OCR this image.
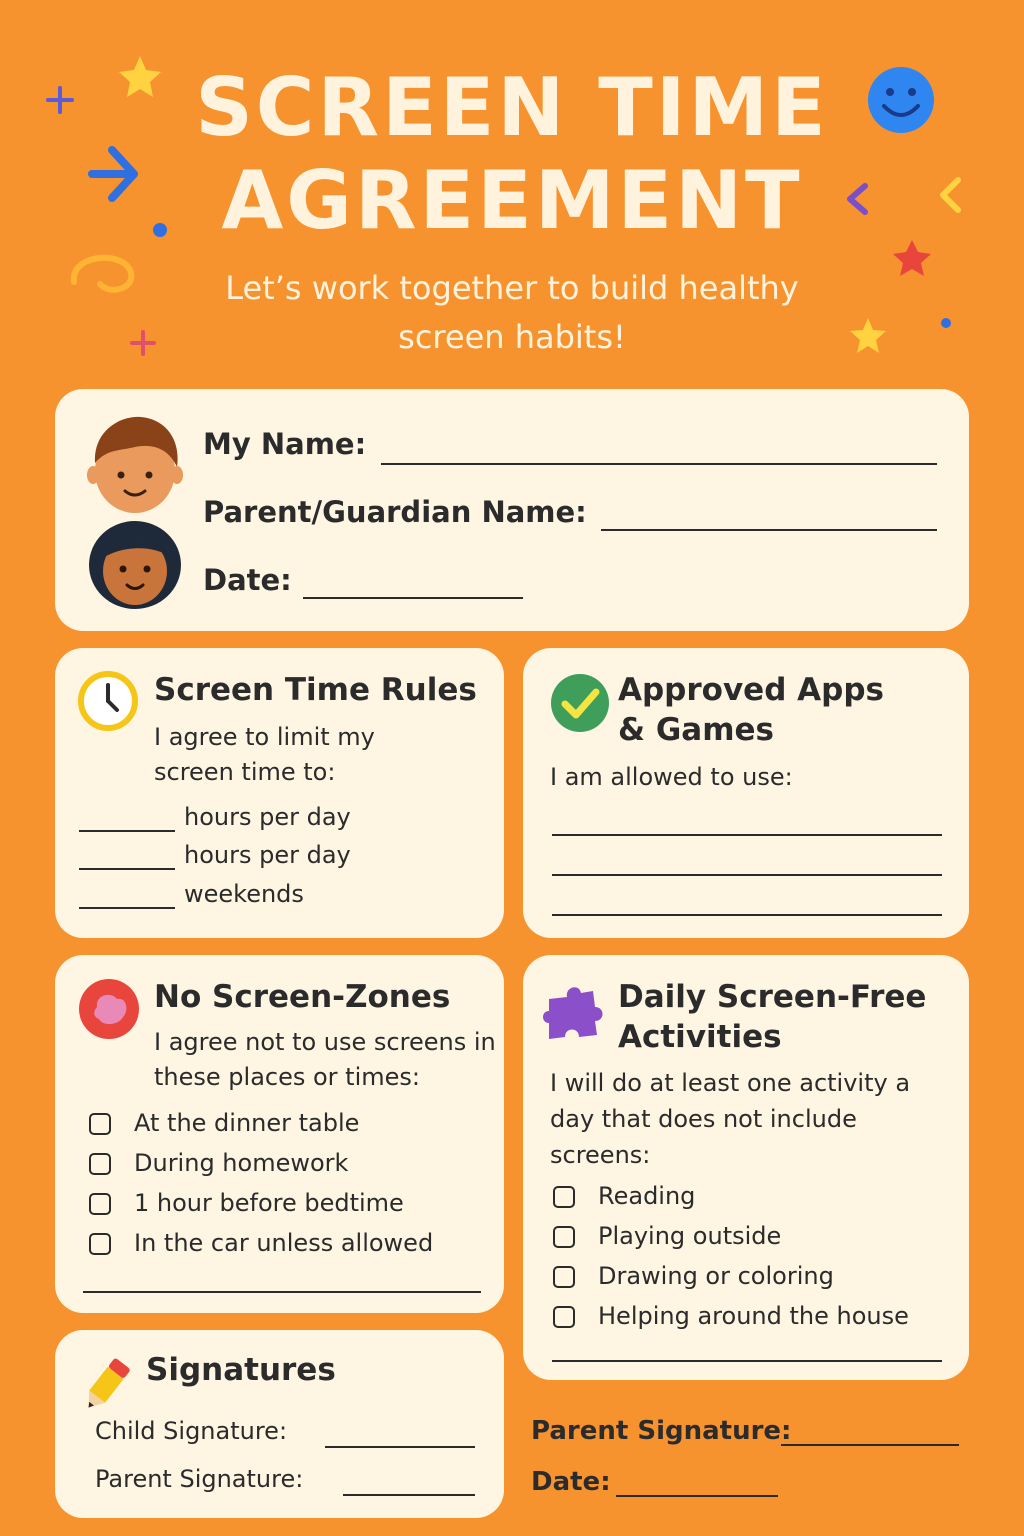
SCREEN TIME
AGREEMENT
Let’s work together to build healthy screen habits!
My Name:
Parent/Guardian Name:
Date:
Screen Time Rules
I agree to limit my screen time to:
hours per day
hours per day
weekends
Approved Apps
& Games
I am allowed to use:
No Screen-Zones
I agree not to use screens in these places or times:
At the dinner table
During homework
1 hour before bedtime
In the car unless allowed
Daily Screen-Free
Activities
I will do at least one activity a day that does not include screens:
Reading
Playing outside
Drawing or coloring
Helping around the house
Signatures
Child Signature:
Parent Signature:
Parent Signature:
Date:
